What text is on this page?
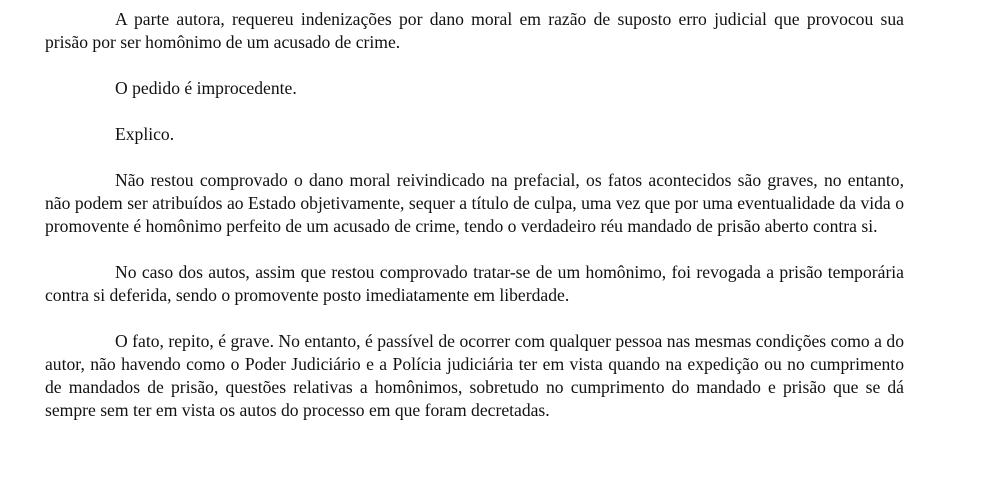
A parte autora, requereu indenizações por dano moral em razão de suposto erro judicial que provocou sua prisão por ser homônimo de um acusado de crime.

O pedido é improcedente.

Explico.

Não restou comprovado o dano moral reivindicado na prefacial, os fatos acontecidos são graves, no entanto, não podem ser atribuídos ao Estado objetivamente, sequer a título de culpa, uma vez que por uma eventualidade da vida o promovente é homônimo perfeito de um acusado de crime, tendo o verdadeiro réu mandado de prisão aberto contra si.

No caso dos autos, assim que restou comprovado tratar-se de um homônimo, foi revogada a prisão temporária contra si deferida, sendo o promovente posto imediatamente em liberdade.

O fato, repito, é grave. No entanto, é passível de ocorrer com qualquer pessoa nas mesmas condições como a do autor, não havendo como o Poder Judiciário e a Polícia judiciária ter em vista quando na expedição ou no cumprimento de mandados de prisão, questões relativas a homônimos, sobretudo no cumprimento do mandado e prisão que se dá sempre sem ter em vista os autos do processo em que foram decretadas.
